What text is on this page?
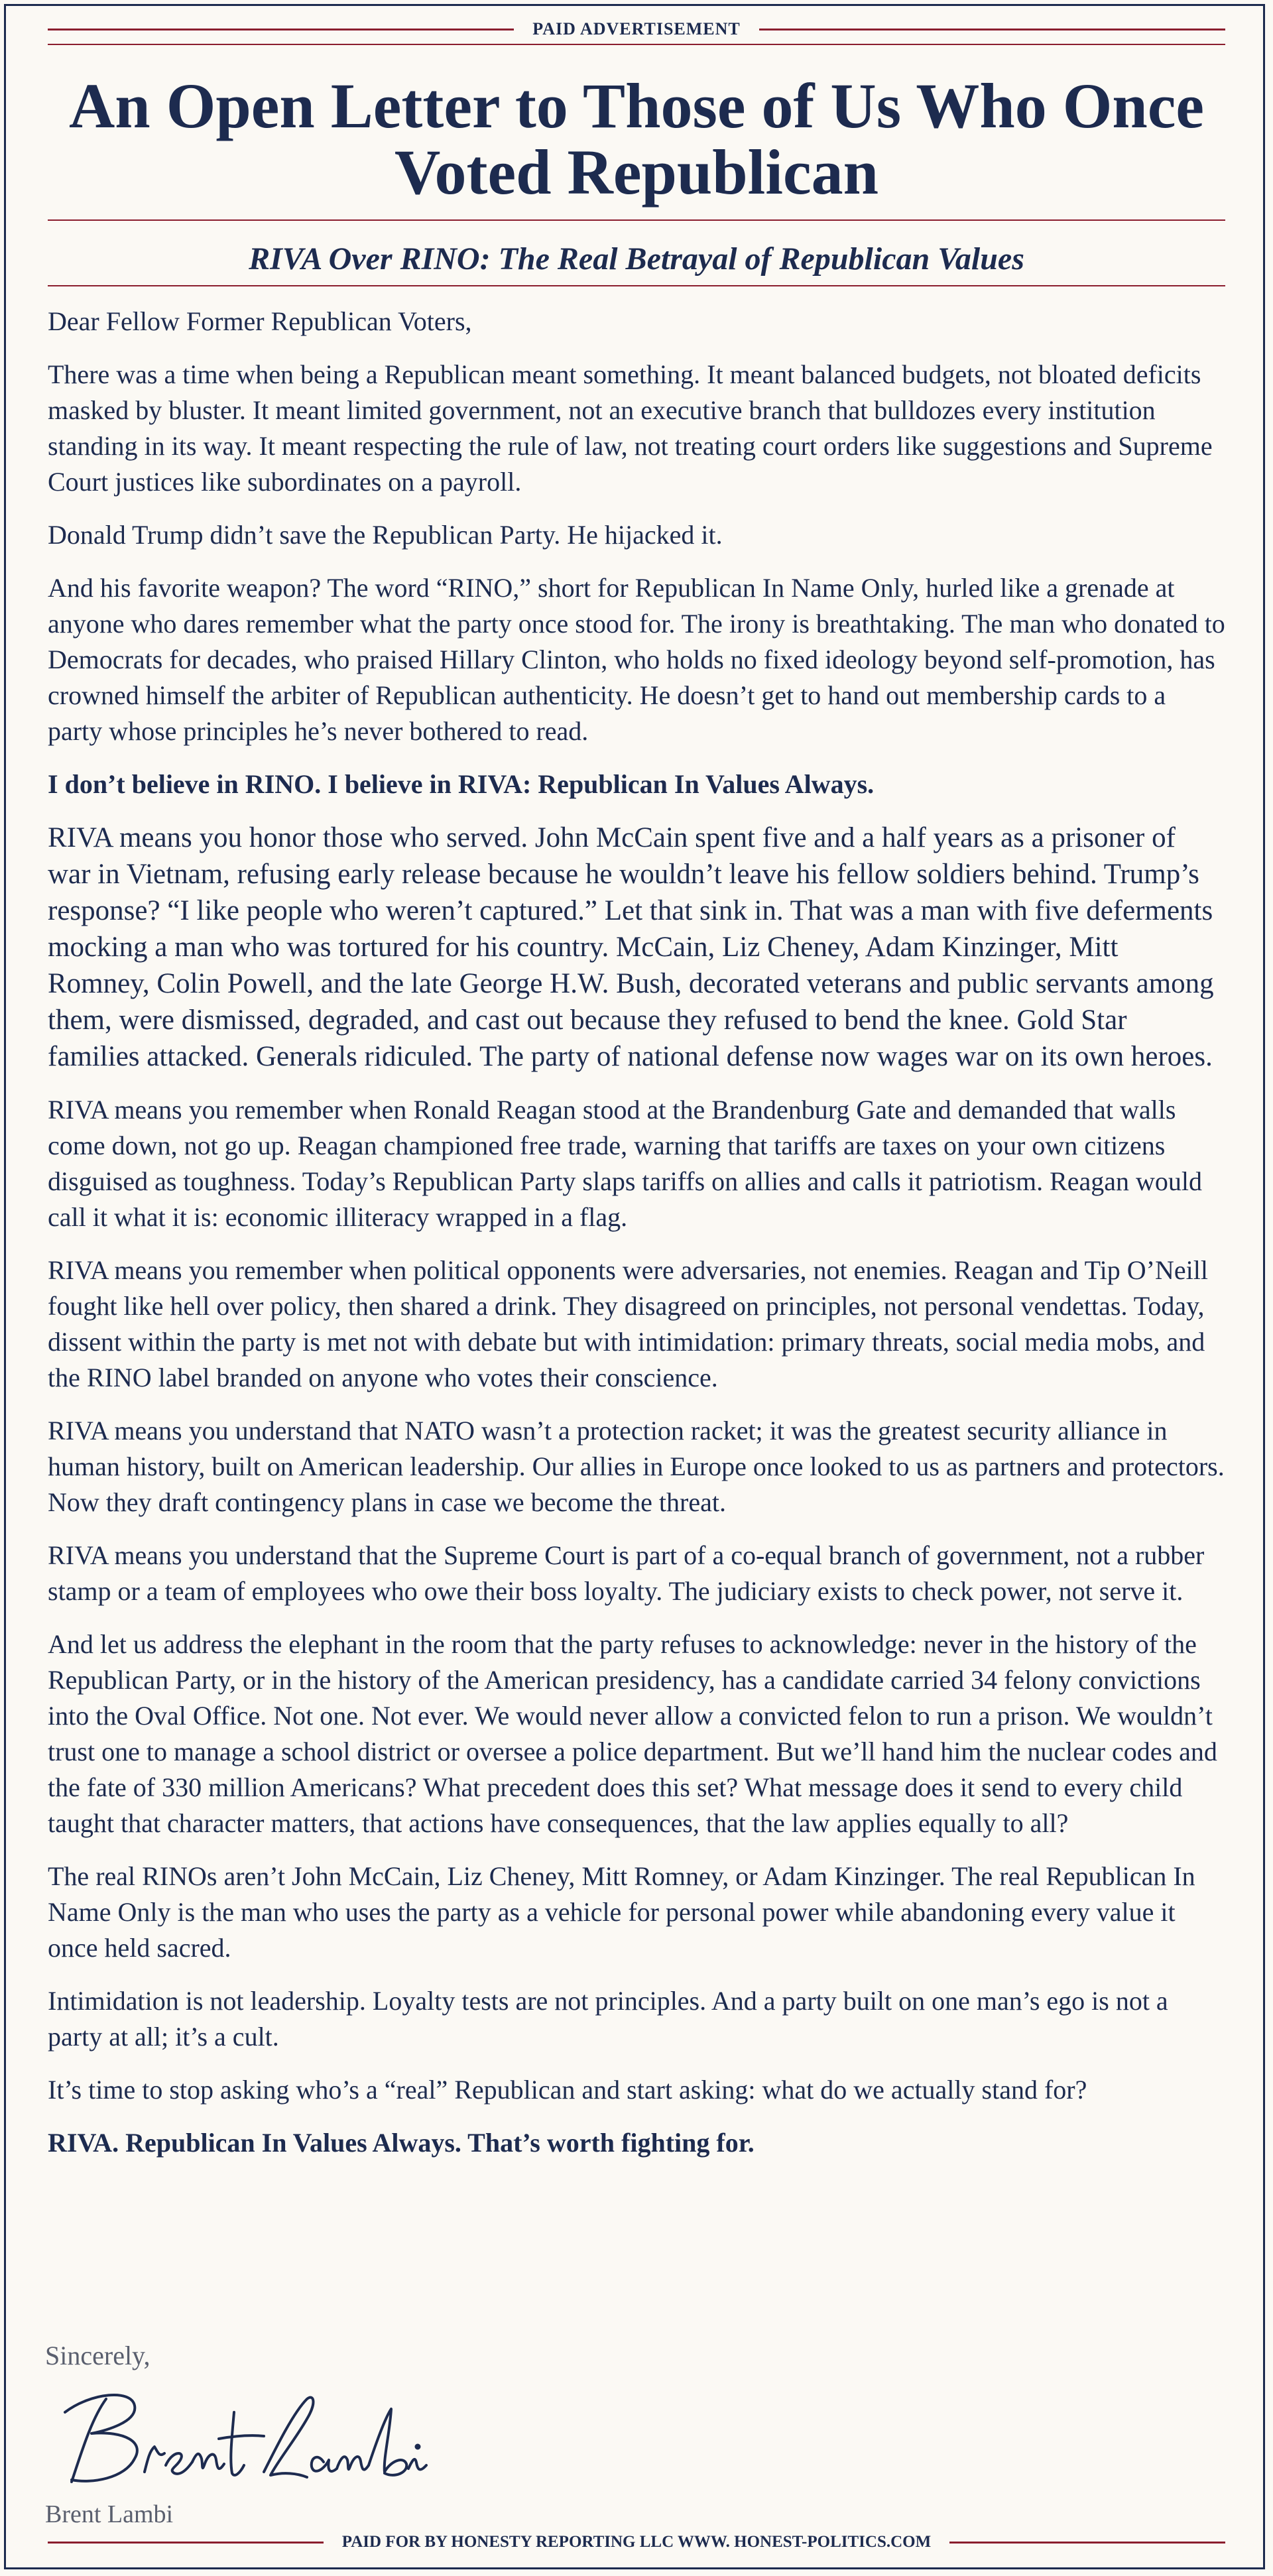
PAID ADVERTISEMENT
An Open Letter to Those of Us Who Once Voted Republican
RIVA Over RINO: The Real Betrayal of Republican Values

Dear Fellow Former Republican Voters,

There was a time when being a Republican meant something. It meant balanced budgets, not bloated deficits masked by bluster. It meant limited government, not an executive branch that bulldozes every institution standing in its way. It meant respecting the rule of law, not treating court orders like suggestions and Supreme Court justices like subordinates on a payroll.

Donald Trump didn’t save the Republican Party. He hijacked it.

And his favorite weapon? The word “RINO,” short for Republican In Name Only, hurled like a grenade at anyone who dares remember what the party once stood for. The irony is breathtaking. The man who donated to Democrats for decades, who praised Hillary Clinton, who holds no fixed ideology beyond self-promotion, has crowned himself the arbiter of Republican authenticity. He doesn’t get to hand out membership cards to a party whose principles he’s never bothered to read.

I don’t believe in RINO. I believe in RIVA: Republican In Values Always.

RIVA means you honor those who served. John McCain spent five and a half years as a prisoner of war in Vietnam, refusing early release because he wouldn’t leave his fellow soldiers behind. Trump’s response? “I like people who weren’t captured.” Let that sink in. That was a man with five deferments mocking a man who was tortured for his country. McCain, Liz Cheney, Adam Kinzinger, Mitt Romney, Colin Powell, and the late George H.W. Bush, decorated veterans and public servants among them, were dismissed, degraded, and cast out because they refused to bend the knee. Gold Star families attacked. Generals ridiculed. The party of national defense now wages war on its own heroes.

RIVA means you remember when Ronald Reagan stood at the Brandenburg Gate and demanded that walls come down, not go up. Reagan championed free trade, warning that tariffs are taxes on your own citizens disguised as toughness. Today’s Republican Party slaps tariffs on allies and calls it patriotism. Reagan would call it what it is: economic illiteracy wrapped in a flag.

RIVA means you remember when political opponents were adversaries, not enemies. Reagan and Tip O’Neill fought like hell over policy, then shared a drink. They disagreed on principles, not personal vendettas. Today, dissent within the party is met not with debate but with intimidation: primary threats, social media mobs, and the RINO label branded on anyone who votes their conscience.

RIVA means you understand that NATO wasn’t a protection racket; it was the greatest security alliance in human history, built on American leadership. Our allies in Europe once looked to us as partners and protectors. Now they draft contingency plans in case we become the threat.

RIVA means you understand that the Supreme Court is part of a co-equal branch of government, not a rubber stamp or a team of employees who owe their boss loyalty. The judiciary exists to check power, not serve it.

And let us address the elephant in the room that the party refuses to acknowledge: never in the history of the Republican Party, or in the history of the American presidency, has a candidate carried 34 felony convictions into the Oval Office. Not one. Not ever. We would never allow a convicted felon to run a prison. We wouldn’t trust one to manage a school district or oversee a police department. But we’ll hand him the nuclear codes and the fate of 330 million Americans? What precedent does this set? What message does it send to every child taught that character matters, that actions have consequences, that the law applies equally to all?

The real RINOs aren’t John McCain, Liz Cheney, Mitt Romney, or Adam Kinzinger. The real Republican In Name Only is the man who uses the party as a vehicle for personal power while abandoning every value it once held sacred.

Intimidation is not leadership. Loyalty tests are not principles. And a party built on one man’s ego is not a party at all; it’s a cult.

It’s time to stop asking who’s a “real” Republican and start asking: what do we actually stand for?

RIVA. Republican In Values Always. That’s worth fighting for.

Sincerely,
Brent Lambi
PAID FOR BY HONESTY REPORTING LLC WWW. HONEST-POLITICS.COM
